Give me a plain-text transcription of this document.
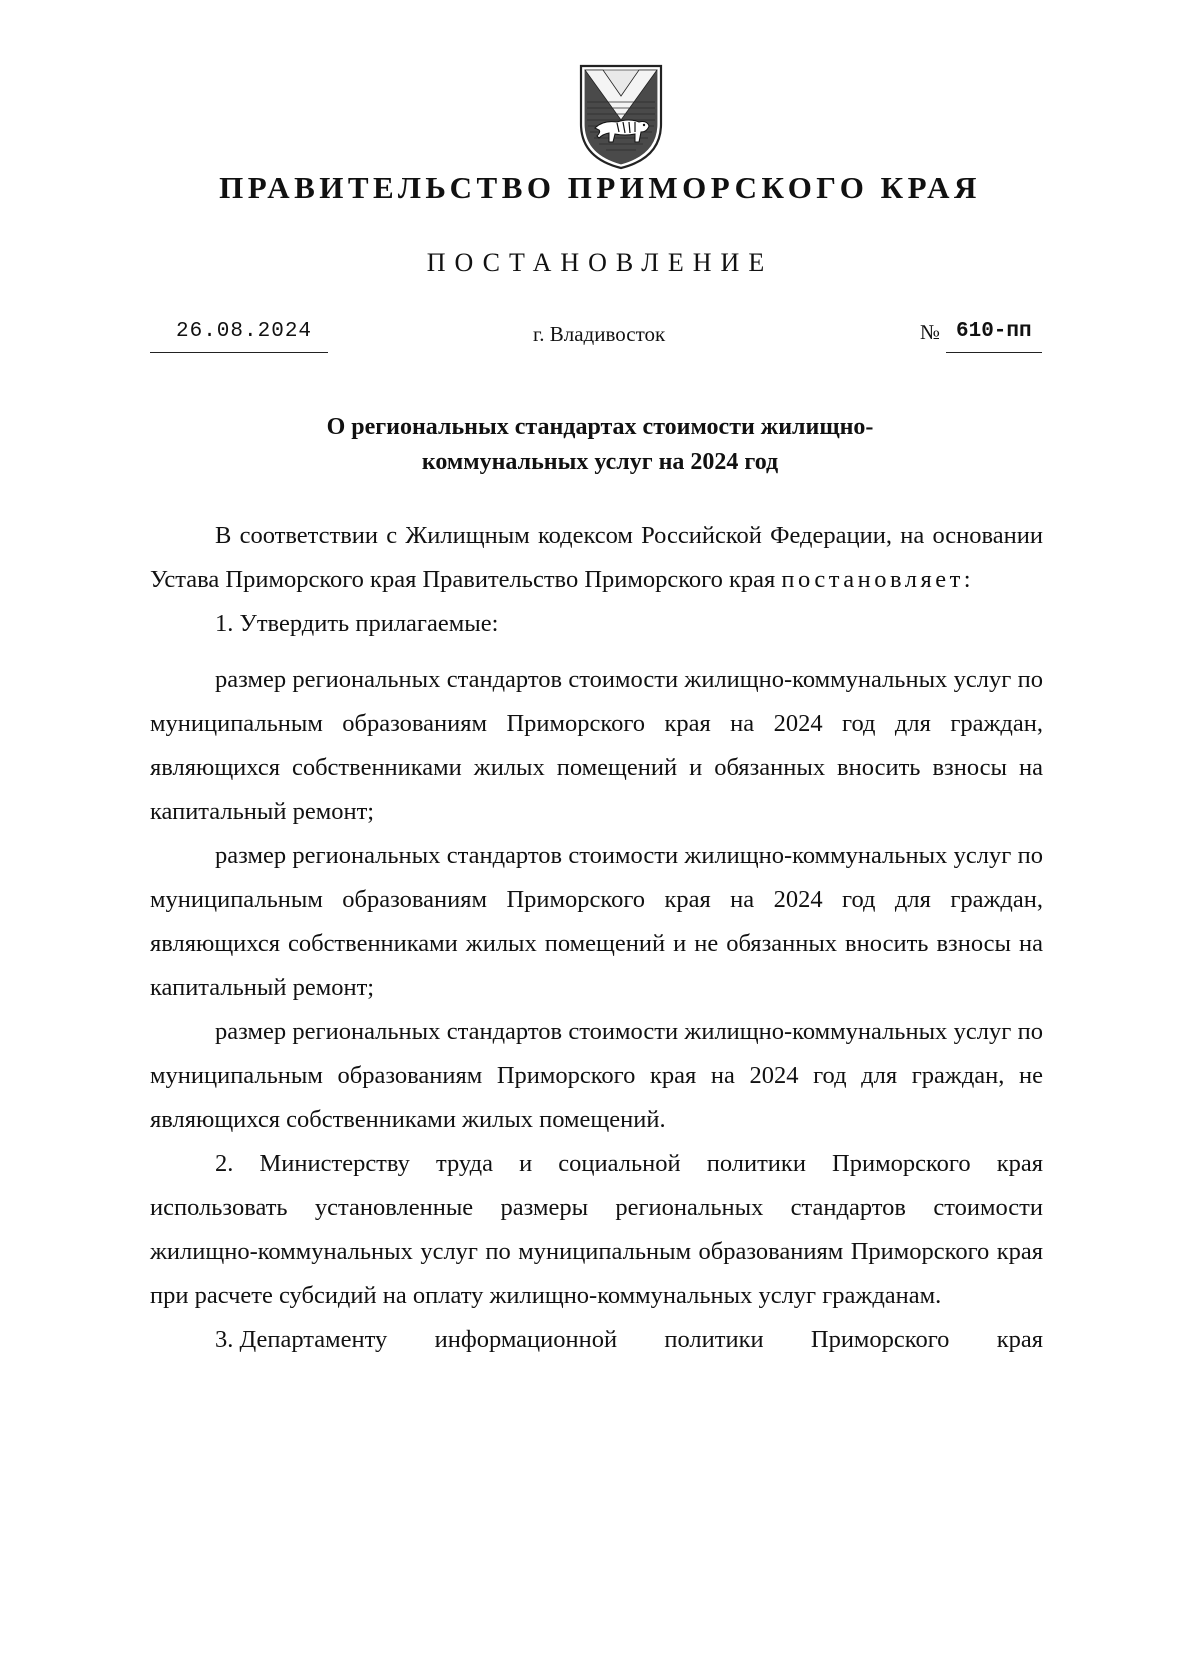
ПРАВИТЕЛЬСТВО ПРИМОРСКОГО КРАЯ
ПОСТАНОВЛЕНИЕ
26.08.2024	г. Владивосток	№ 610-пп
О региональных стандартах стоимости жилищно-
коммунальных услуг на 2024 год

В соответствии с Жилищным кодексом Российской Федерации, на основании Устава Приморского края Правительство Приморского края постановляет:

1. Утвердить прилагаемые:

размер региональных стандартов стоимости жилищно-коммунальных услуг по муниципальным образованиям Приморского края на 2024 год для граждан, являющихся собственниками жилых помещений и обязанных вносить взносы на капитальный ремонт;

размер региональных стандартов стоимости жилищно-коммунальных услуг по муниципальным образованиям Приморского края на 2024 год для граждан, являющихся собственниками жилых помещений и не обязанных вносить взносы на капитальный ремонт;

размер региональных стандартов стоимости жилищно-коммунальных услуг по муниципальным образованиям Приморского края на 2024 год для граждан, не являющихся собственниками жилых помещений.

2. Министерству труда и социальной политики Приморского края использовать установленные размеры региональных стандартов стоимости жилищно-коммунальных услуг по муниципальным образованиям Приморского края при расчете субсидий на оплату жилищно-коммунальных услуг гражданам.

3. Департаменту информационной политики Приморского края
